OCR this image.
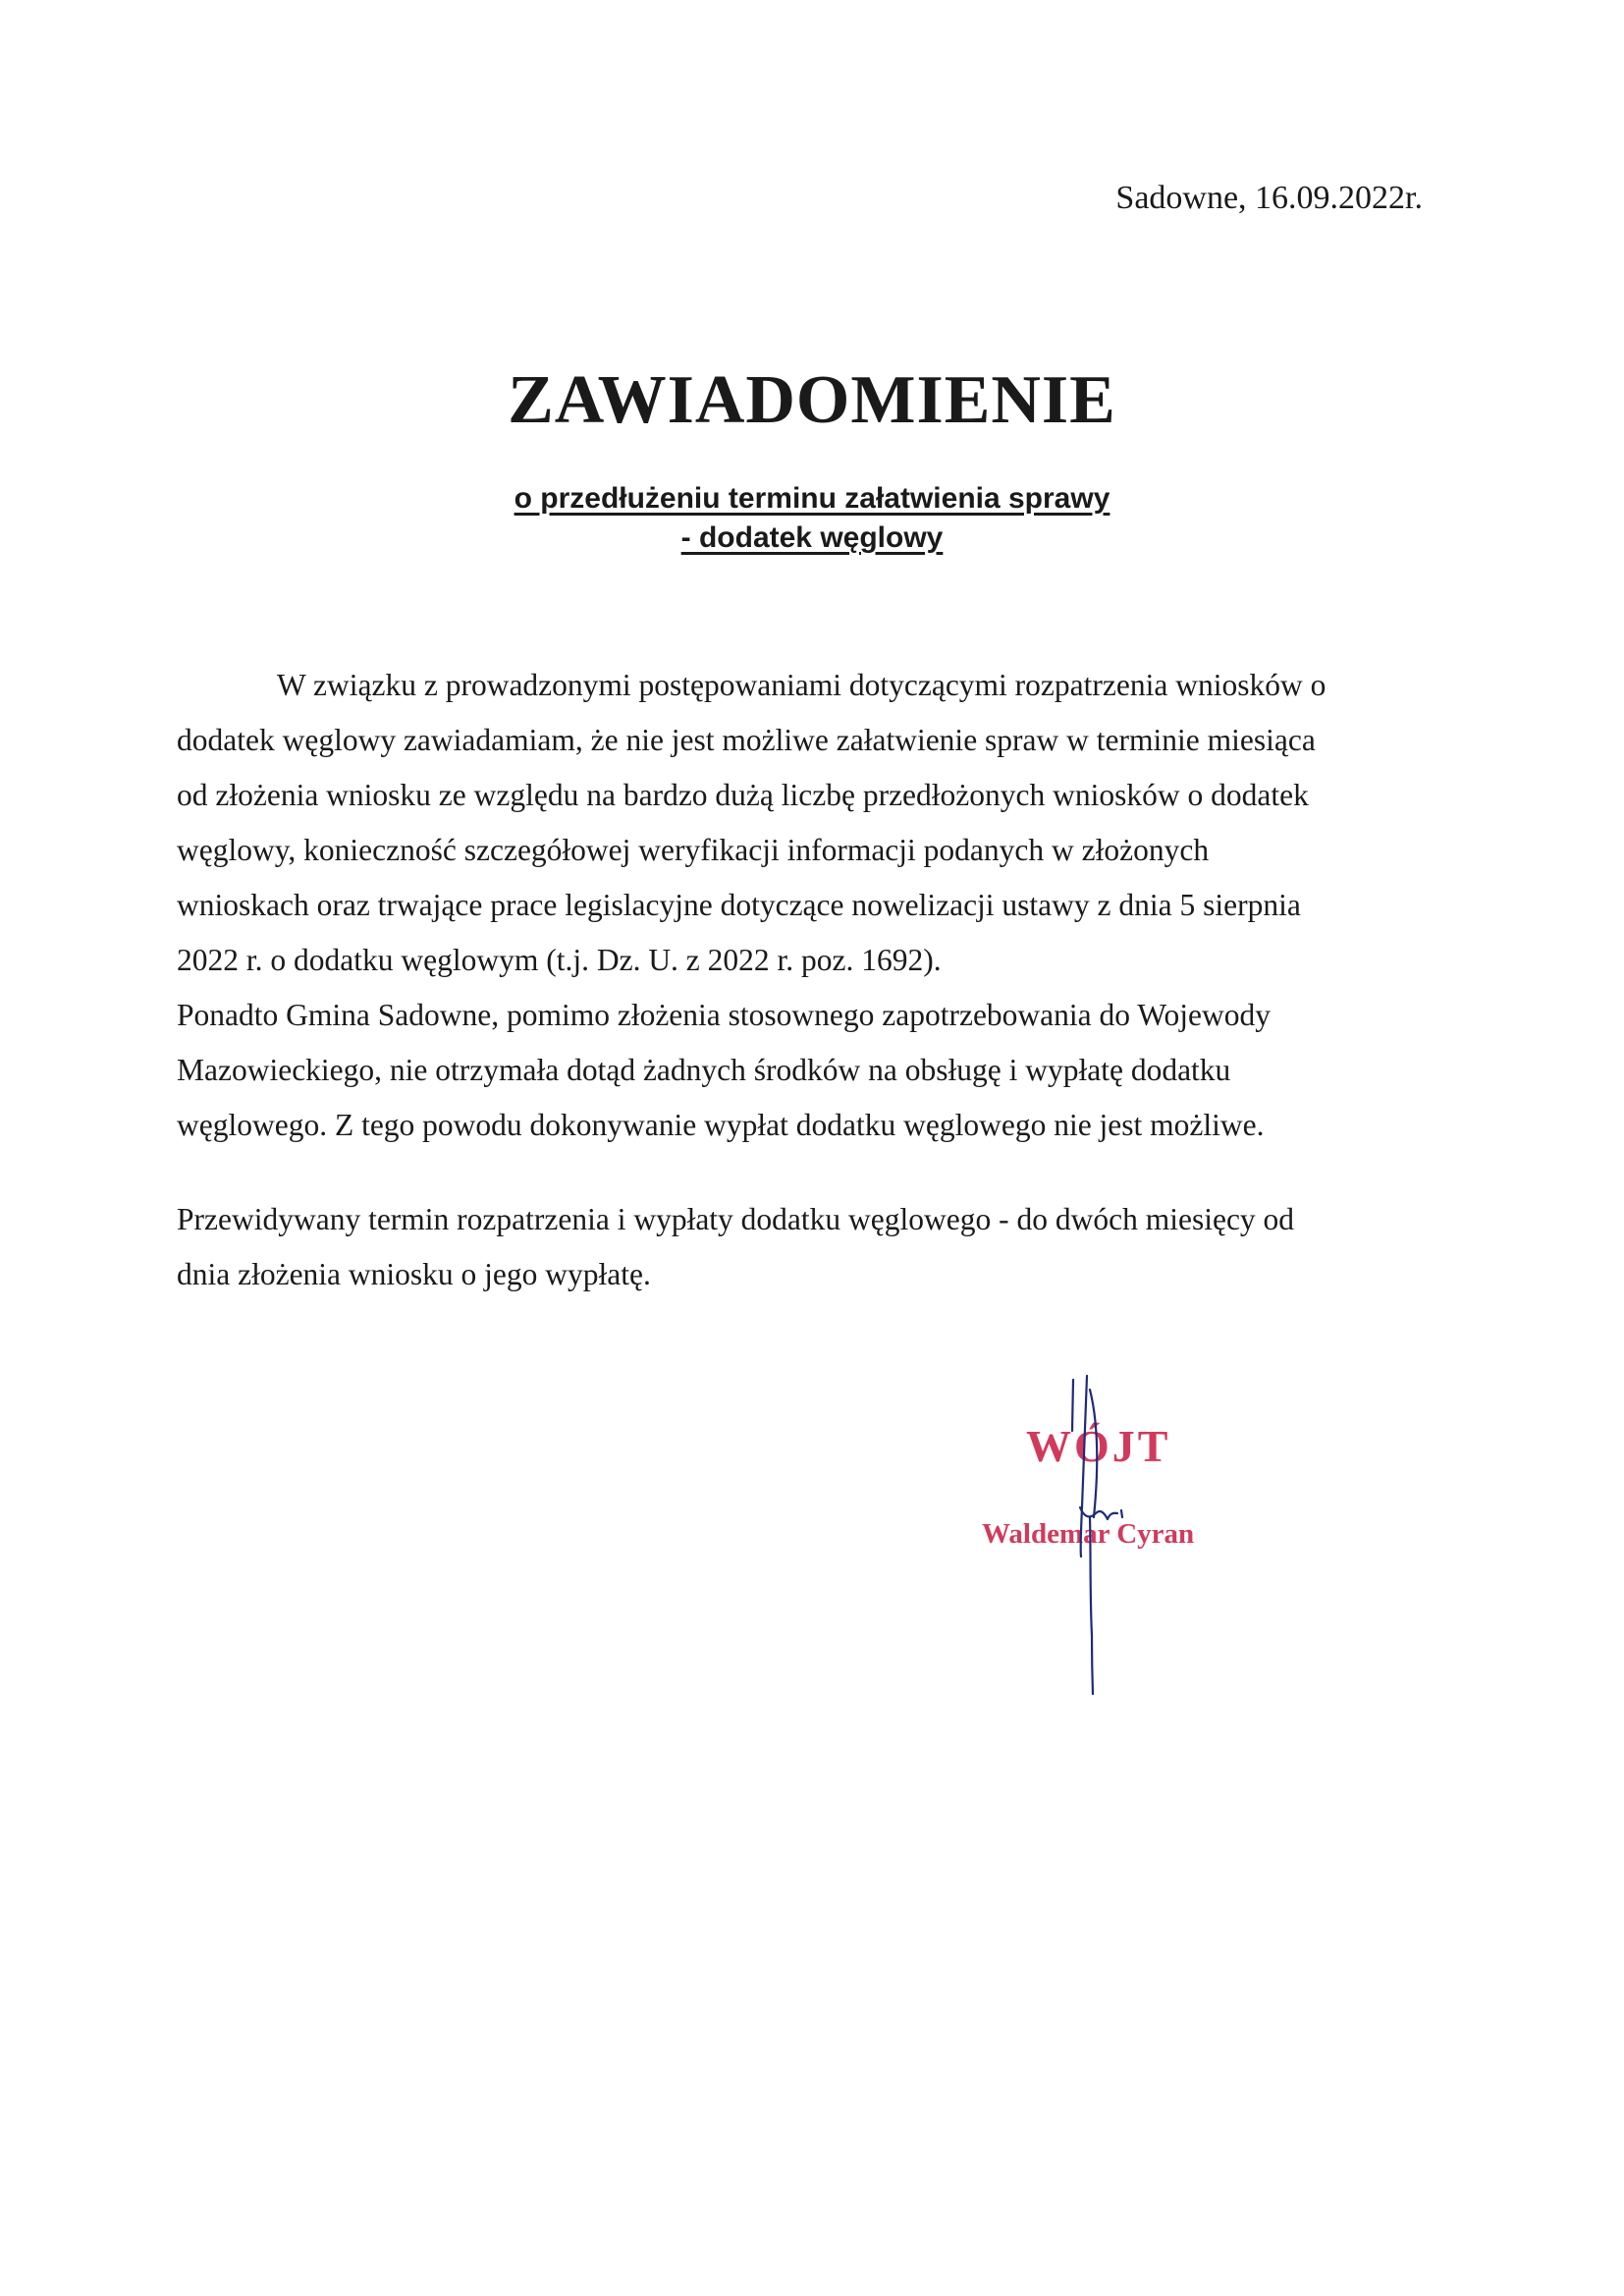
Sadowne, 16.09.2022r.
ZAWIADOMIENIE
o przedłużeniu terminu załatwienia sprawy
- dodatek węglowy
W związku z prowadzonymi postępowaniami dotyczącymi rozpatrzenia wniosków o
dodatek węglowy zawiadamiam, że nie jest możliwe załatwienie spraw w terminie miesiąca
od złożenia wniosku ze względu na bardzo dużą liczbę przedłożonych wniosków o dodatek
węglowy, konieczność szczegółowej weryfikacji informacji podanych w złożonych
wnioskach oraz trwające prace legislacyjne dotyczące nowelizacji ustawy z dnia 5 sierpnia
2022 r. o dodatku węglowym (t.j. Dz. U. z 2022 r. poz. 1692).
Ponadto Gmina Sadowne, pomimo złożenia stosownego zapotrzebowania do Wojewody
Mazowieckiego, nie otrzymała dotąd żadnych środków na obsługę i wypłatę dodatku
węglowego. Z tego powodu dokonywanie wypłat dodatku węglowego nie jest możliwe.
Przewidywany termin rozpatrzenia i wypłaty dodatku węglowego - do dwóch miesięcy od
dnia złożenia wniosku o jego wypłatę.
WÓJT
Waldemar Cyran
